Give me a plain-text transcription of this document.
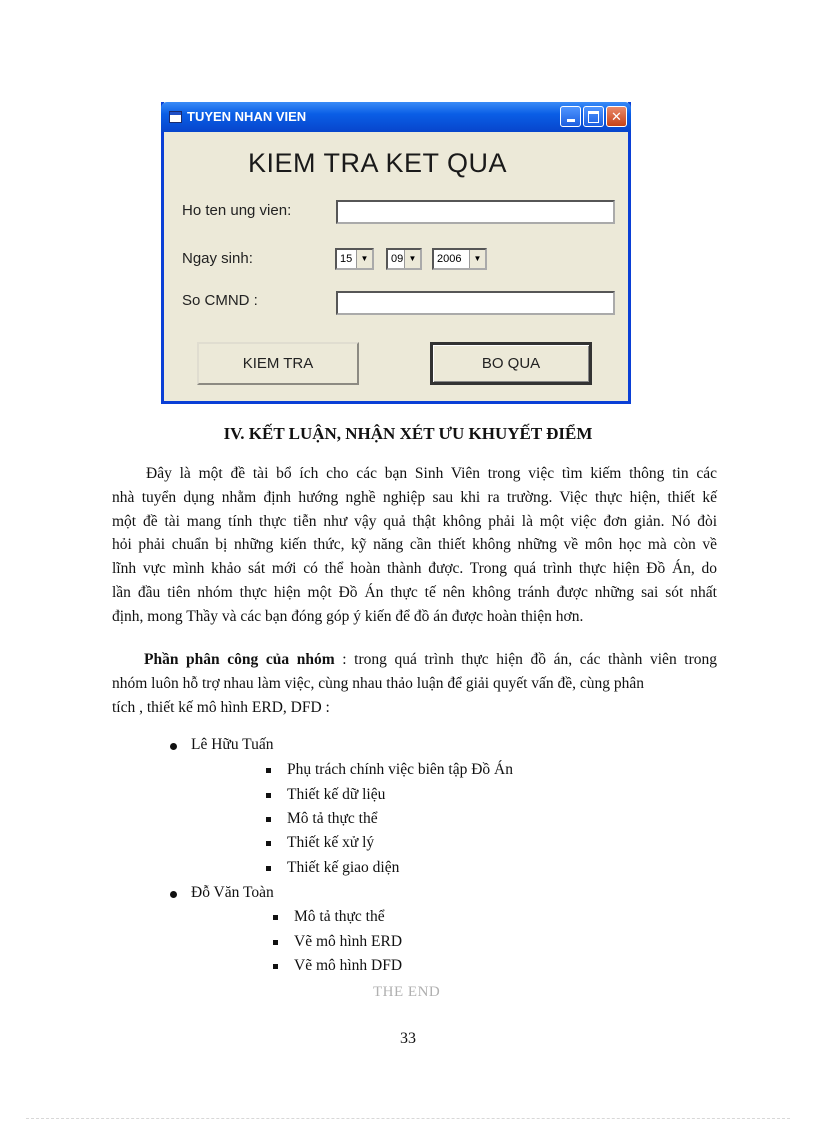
TUYEN NHAN VIEN	✕
KIEM TRA KET QUA
Ho ten ung vien:
Ngay sinh:	15	▼	09 ▼	2006	▼
So CMND :
KIEM TRA	BO QUA
IV. KẾT LUẬN, NHẬN XÉT ƯU KHUYẾT ĐIỂM
Đây là một đề tài bổ ích cho các bạn Sinh Viên trong việc tìm kiếm thông tin các
nhà tuyển dụng nhằm định hướng nghề nghiệp sau khi ra trường. Việc thực hiện, thiết kế
một đề tài mang tính thực tiễn như vậy quả thật không phải là một việc đơn giản. Nó đòi
hỏi phải chuẩn bị những kiến thức, kỹ năng cần thiết không những về môn học mà còn về
lĩnh vực mình khảo sát mới có thể hoàn thành được. Trong quá trình thực hiện Đồ Án, do
lần đầu tiên nhóm thực hiện một Đồ Án thực tế nên không tránh được những sai sót nhất
định, mong Thầy và các bạn đóng góp ý kiến để đồ án được hoàn thiện hơn.
Phần phân công của nhóm : trong quá trình thực hiện đồ án, các thành viên trong
nhóm luôn hỗ trợ nhau làm việc, cùng nhau thảo luận để giải quyết vấn đề, cùng phân
tích , thiết kế mô hình ERD, DFD :
Lê Hữu Tuấn
Phụ trách chính việc biên tập Đồ Án
Thiết kế dữ liệu
Mô tả thực thể
Thiết kế xử lý
Thiết kế giao diện
Đỗ Văn Toàn
Mô tả thực thể
Vẽ mô hình ERD
Vẽ mô hình DFD
THE END
33
